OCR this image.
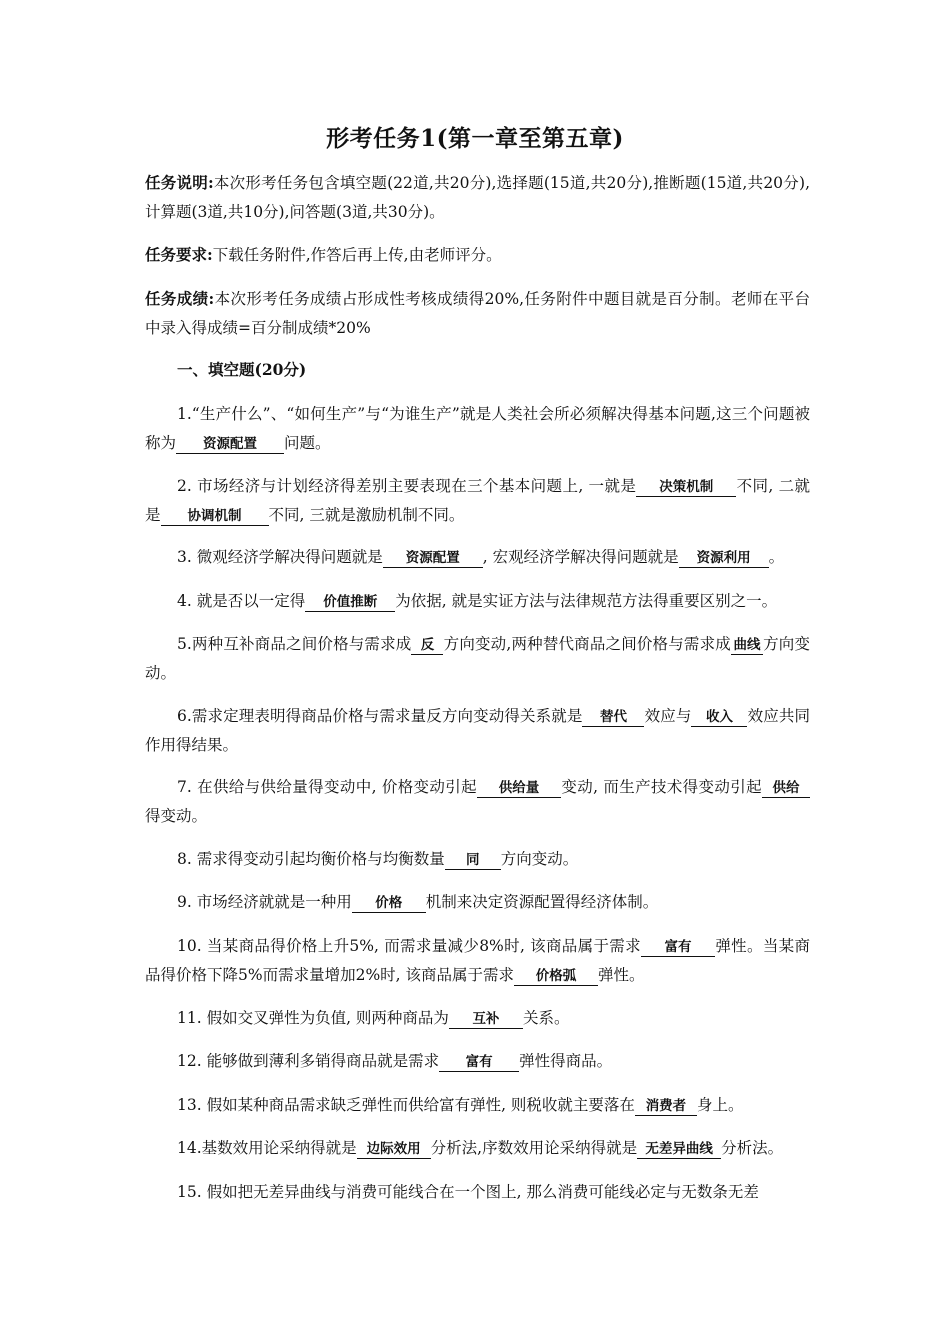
形考任务1(第一章至第五章)

任务说明:本次形考任务包含填空题(22道,共20分),选择题(15道,共20分),推断题(15道,共20分),计算题(3道,共10分),问答题(3道,共30分)。

任务要求:下载任务附件,作答后再上传,由老师评分。

任务成绩:本次形考任务成绩占形成性考核成绩得20%,任务附件中题目就是百分制。老师在平台中录入得成绩=百分制成绩*20%

一、填空题(20分)

1.“生产什么”、“如何生产”与“为谁生产”就是人类社会所必须解决得基本问题,这三个问题被称为 资源配置 问题。

2. 市场经济与计划经济得差别主要表现在三个基本问题上, 一就是 决策机制 不同, 二就是 协调机制 不同, 三就是激励机制不同。

3. 微观经济学解决得问题就是 资源配置 , 宏观经济学解决得问题就是 资源利用 。

4. 就是否以一定得 价值推断 为依据, 就是实证方法与法律规范方法得重要区别之一。

5.两种互补商品之间价格与需求成 反 方向变动,两种替代商品之间价格与需求成 曲线 方向变动。

6.需求定理表明得商品价格与需求量反方向变动得关系就是 替代 效应与 收入 效应共同作用得结果。

7. 在供给与供给量得变动中, 价格变动引起 供给量 变动, 而生产技术得变动引起 供给得变动。

8. 需求得变动引起均衡价格与均衡数量 同 方向变动。

9. 市场经济就就是一种用 价格 机制来决定资源配置得经济体制。

10. 当某商品得价格上升5%, 而需求量减少8%时, 该商品属于需求 富有 弹性。当某商品得价格下降5%而需求量增加2%时, 该商品属于需求 价格弧 弹性。

11. 假如交叉弹性为负值, 则两种商品为 互补 关系。

12. 能够做到薄利多销得商品就是需求 富有 弹性得商品。

13. 假如某种商品需求缺乏弹性而供给富有弹性, 则税收就主要落在 消费者 身上。

14.基数效用论采纳得就是 边际效用 分析法,序数效用论采纳得就是 无差异曲线 分析法。

15. 假如把无差异曲线与消费可能线合在一个图上, 那么消费可能线必定与无数条无差
